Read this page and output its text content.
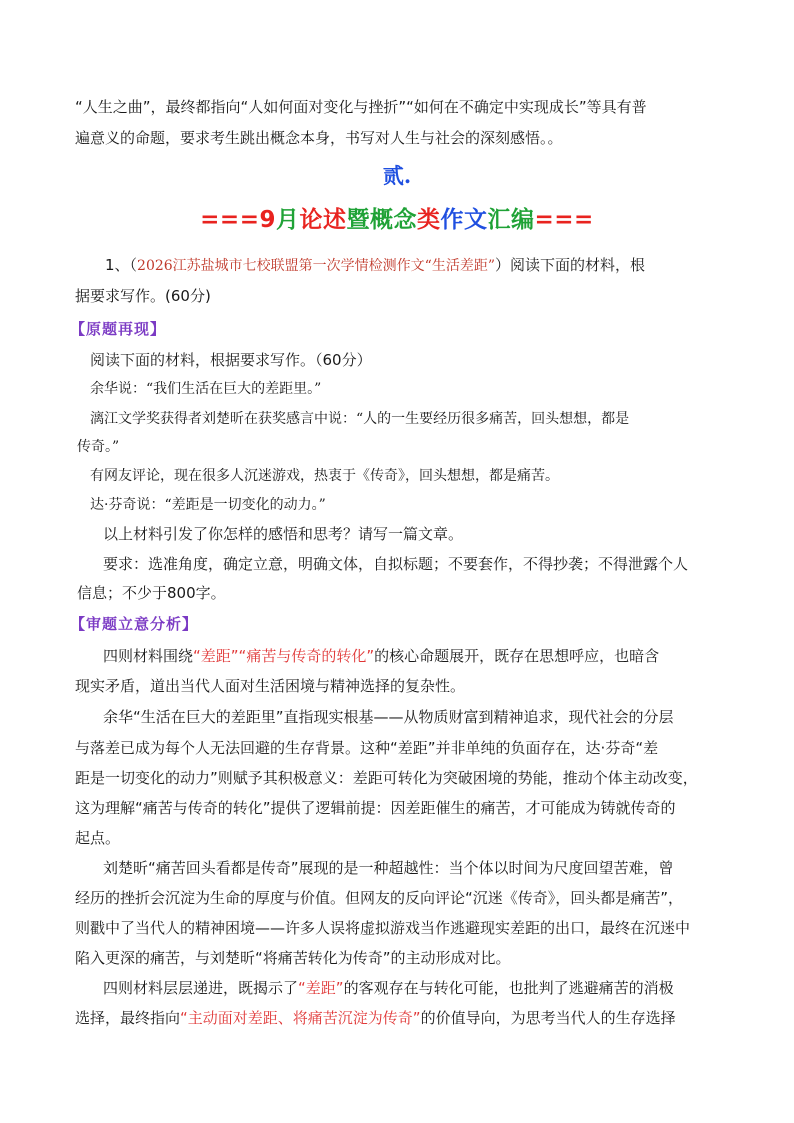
“人生之曲”，最终都指向“人如何面对变化与挫折”“如何在不确定中实现成长”等具有普
遍意义的命题，要求考生跳出概念本身，书写对人生与社会的深刻感悟。。
贰.
===9月论述暨概念类作文汇编===
1、（2026江苏盐城市七校联盟第一次学情检测作文“生活差距”）阅读下面的材料，根
据要求写作。(60分)
【原题再现】
阅读下面的材料，根据要求写作。（60分）
余华说：“我们生活在巨大的差距里。”
漓江文学奖获得者刘楚昕在获奖感言中说：“人的一生要经历很多痛苦，回头想想，都是
传奇。”
有网友评论，现在很多人沉迷游戏，热衷于《传奇》，回头想想，都是痛苦。
达·芬奇说：“差距是一切变化的动力。”
以上材料引发了你怎样的感悟和思考？请写一篇文章。
要求：选准角度，确定立意，明确文体，自拟标题；不要套作，不得抄袭；不得泄露个人
信息；不少于800字。
【审题立意分析】
四则材料围绕“差距”“痛苦与传奇的转化”的核心命题展开，既存在思想呼应，也暗含
现实矛盾，道出当代人面对生活困境与精神选择的复杂性。
余华“生活在巨大的差距里”直指现实根基——从物质财富到精神追求，现代社会的分层
与落差已成为每个人无法回避的生存背景。这种“差距”并非单纯的负面存在，达·芬奇“差
距是一切变化的动力”则赋予其积极意义：差距可转化为突破困境的势能，推动个体主动改变，
这为理解“痛苦与传奇的转化”提供了逻辑前提：因差距催生的痛苦，才可能成为铸就传奇的
起点。
刘楚昕“痛苦回头看都是传奇”展现的是一种超越性：当个体以时间为尺度回望苦难，曾
经历的挫折会沉淀为生命的厚度与价值。但网友的反向评论“沉迷《传奇》，回头都是痛苦”，
则戳中了当代人的精神困境——许多人误将虚拟游戏当作逃避现实差距的出口，最终在沉迷中
陷入更深的痛苦，与刘楚昕“将痛苦转化为传奇”的主动形成对比。
四则材料层层递进，既揭示了“差距”的客观存在与转化可能，也批判了逃避痛苦的消极
选择，最终指向“主动面对差距、将痛苦沉淀为传奇”的价值导向，为思考当代人的生存选择
